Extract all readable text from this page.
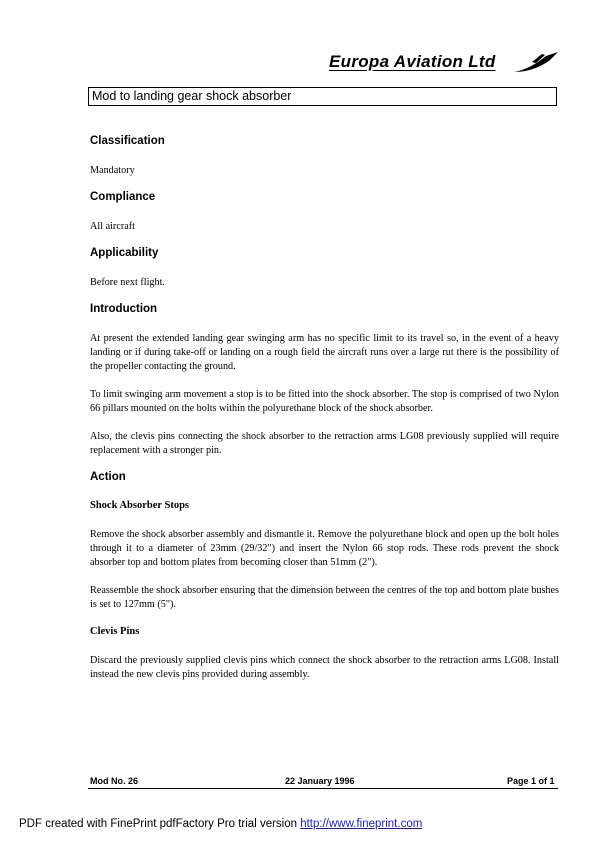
Europa Aviation Ltd
Mod to landing gear shock absorber
Classification
Mandatory
Compliance
All aircraft
Applicability
Before next flight.
Introduction
At present the extended landing gear swinging arm has no specific limit to its travel so, in the event of a heavy landing or if during take-off or landing on a rough field the aircraft runs over a large rut there is the possibility of the propeller contacting the ground.
To limit swinging arm movement a stop is to be fitted into the shock absorber. The stop is comprised of two Nylon 66 pillars mounted on the bolts within the polyurethane block of the shock absorber.
Also, the clevis pins connecting the shock absorber to the retraction arms LG08 previously supplied will require replacement with a stronger pin.
Action
Shock Absorber Stops
Remove the shock absorber assembly and dismantle it. Remove the polyurethane block and open up the bolt holes through it to a diameter of 23mm (29/32") and insert the Nylon 66 stop rods. These rods prevent the shock absorber top and bottom plates from becoming closer than 51mm (2").
Reassemble the shock absorber ensuring that the dimension between the centres of the top and bottom plate bushes is set to 127mm (5").
Clevis Pins
Discard the previously supplied clevis pins which connect the shock absorber to the retraction arms LG08. Install instead the new clevis pins provided during assembly.
Mod No. 26	22 January 1996	Page 1 of 1
PDF created with FinePrint pdfFactory Pro trial version http://www.fineprint.com
